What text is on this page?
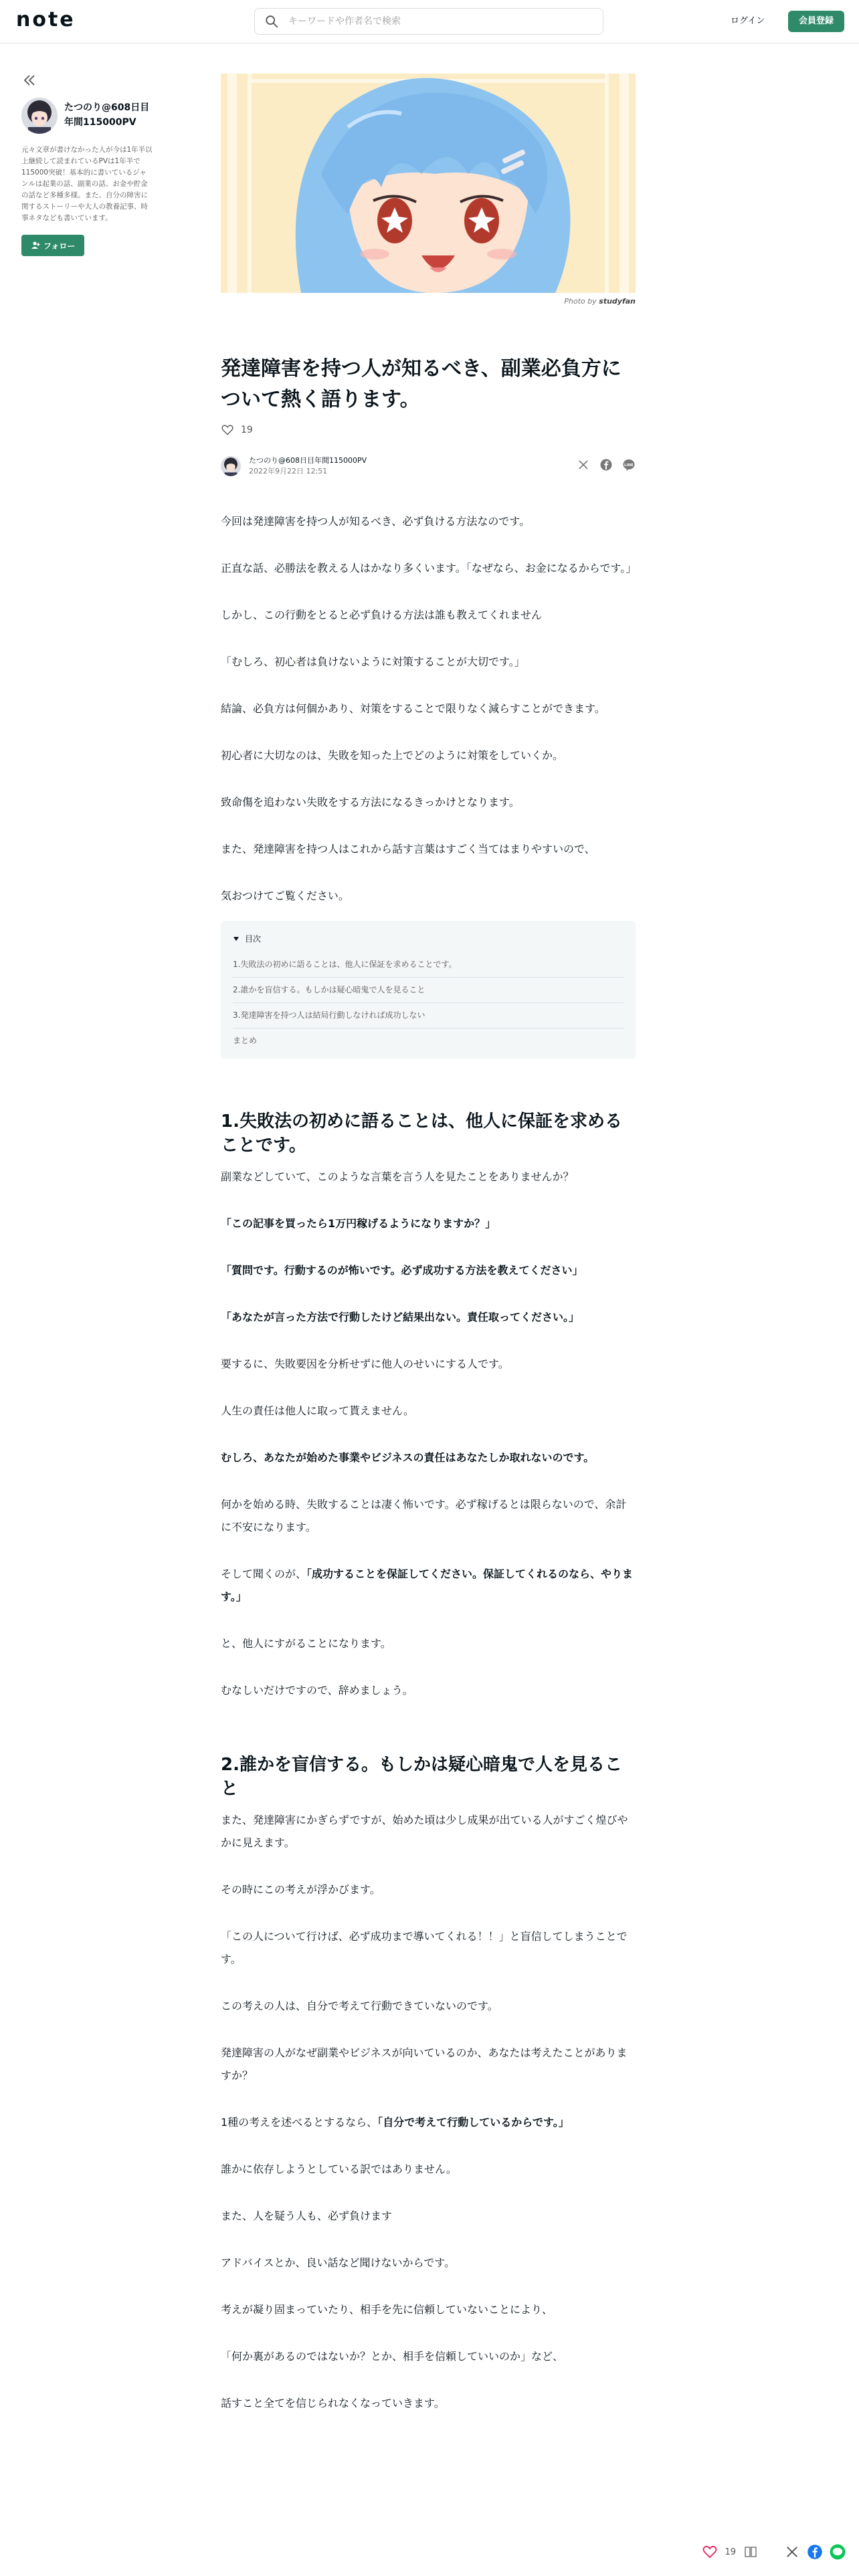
note
キーワードや作者名で検索	ログイン	会員登録
たつのり@608日目年間115000PV
元々文章が書けなかった人が今は1年半以上継続して読まれているPVは1年半で115000突破！基本的に書いているジャンルは起業の話、副業の話、お金や貯金の話など多種多様。また、自分の障害に関するストーリーや大人の教養記事、時事ネタなども書いています。
フォロー
Photo by studyfan
発達障害を持つ人が知るべき、副業必負方について熱く語ります。
19
たつのり@608日目年間115000PV
2022年9月22日 12:51
LINE

今回は発達障害を持つ人が知るべき、必ず負ける方法なのです。

正直な話、必勝法を教える人はかなり多くいます。「なぜなら、お金になるからです。」

しかし、この行動をとると必ず負ける方法は誰も教えてくれません

「むしろ、初心者は負けないように対策することが大切です。」

結論、必負方は何個かあり、対策をすることで限りなく減らすことができます。

初心者に大切なのは、失敗を知った上でどのように対策をしていくか。

致命傷を追わない失敗をする方法になるきっかけとなります。

また、発達障害を持つ人はこれから話す言葉はすごく当てはまりやすいので、

気おつけてご覧ください。

目次
1.失敗法の初めに語ることは、他人に保証を求めることです。
2.誰かを盲信する。もしかは疑心暗鬼で人を見ること
3.発達障害を持つ人は結局行動しなければ成功しない
まとめ
1.失敗法の初めに語ることは、他人に保証を求めることです。

副業などしていて、このような言葉を言う人を見たことをありませんか？

「この記事を買ったら1万円稼げるようになりますか？」

「質問です。行動するのが怖いです。必ず成功する方法を教えてください」

「あなたが言った方法で行動したけど結果出ない。責任取ってください。」

要するに、失敗要因を分析せずに他人のせいにする人です。

人生の責任は他人に取って貰えません。

むしろ、あなたが始めた事業やビジネスの責任はあなたしか取れないのです。

何かを始める時、失敗することは凄く怖いです。必ず稼げるとは限らないので、余計に不安になります。

そして聞くのが、「成功することを保証してください。保証してくれるのなら、やります。」

と、他人にすがることになります。

むなしいだけですので、辞めましょう。

2.誰かを盲信する。もしかは疑心暗鬼で人を見ること

また、発達障害にかぎらずですが、始めた頃は少し成果が出ている人がすごく煌びやかに見えます。

その時にこの考えが浮かびます。

「この人について行けば、必ず成功まで導いてくれる！！」と盲信してしまうことです。

この考えの人は、自分で考えて行動できていないのです。

発達障害の人がなぜ副業やビジネスが向いているのか、あなたは考えたことがありますか？

1種の考えを述べるとするなら、「自分で考えて行動しているからです。」

誰かに依存しようとしている訳ではありません。

また、人を疑う人も、必ず負けます

アドバイスとか、良い話など聞けないからです。

考えが凝り固まっていたり、相手を先に信頼していないことにより、

「何か裏があるのではないか？とか、相手を信頼していいのか」など、

話すこと全てを信じられなくなっていきます。

19
